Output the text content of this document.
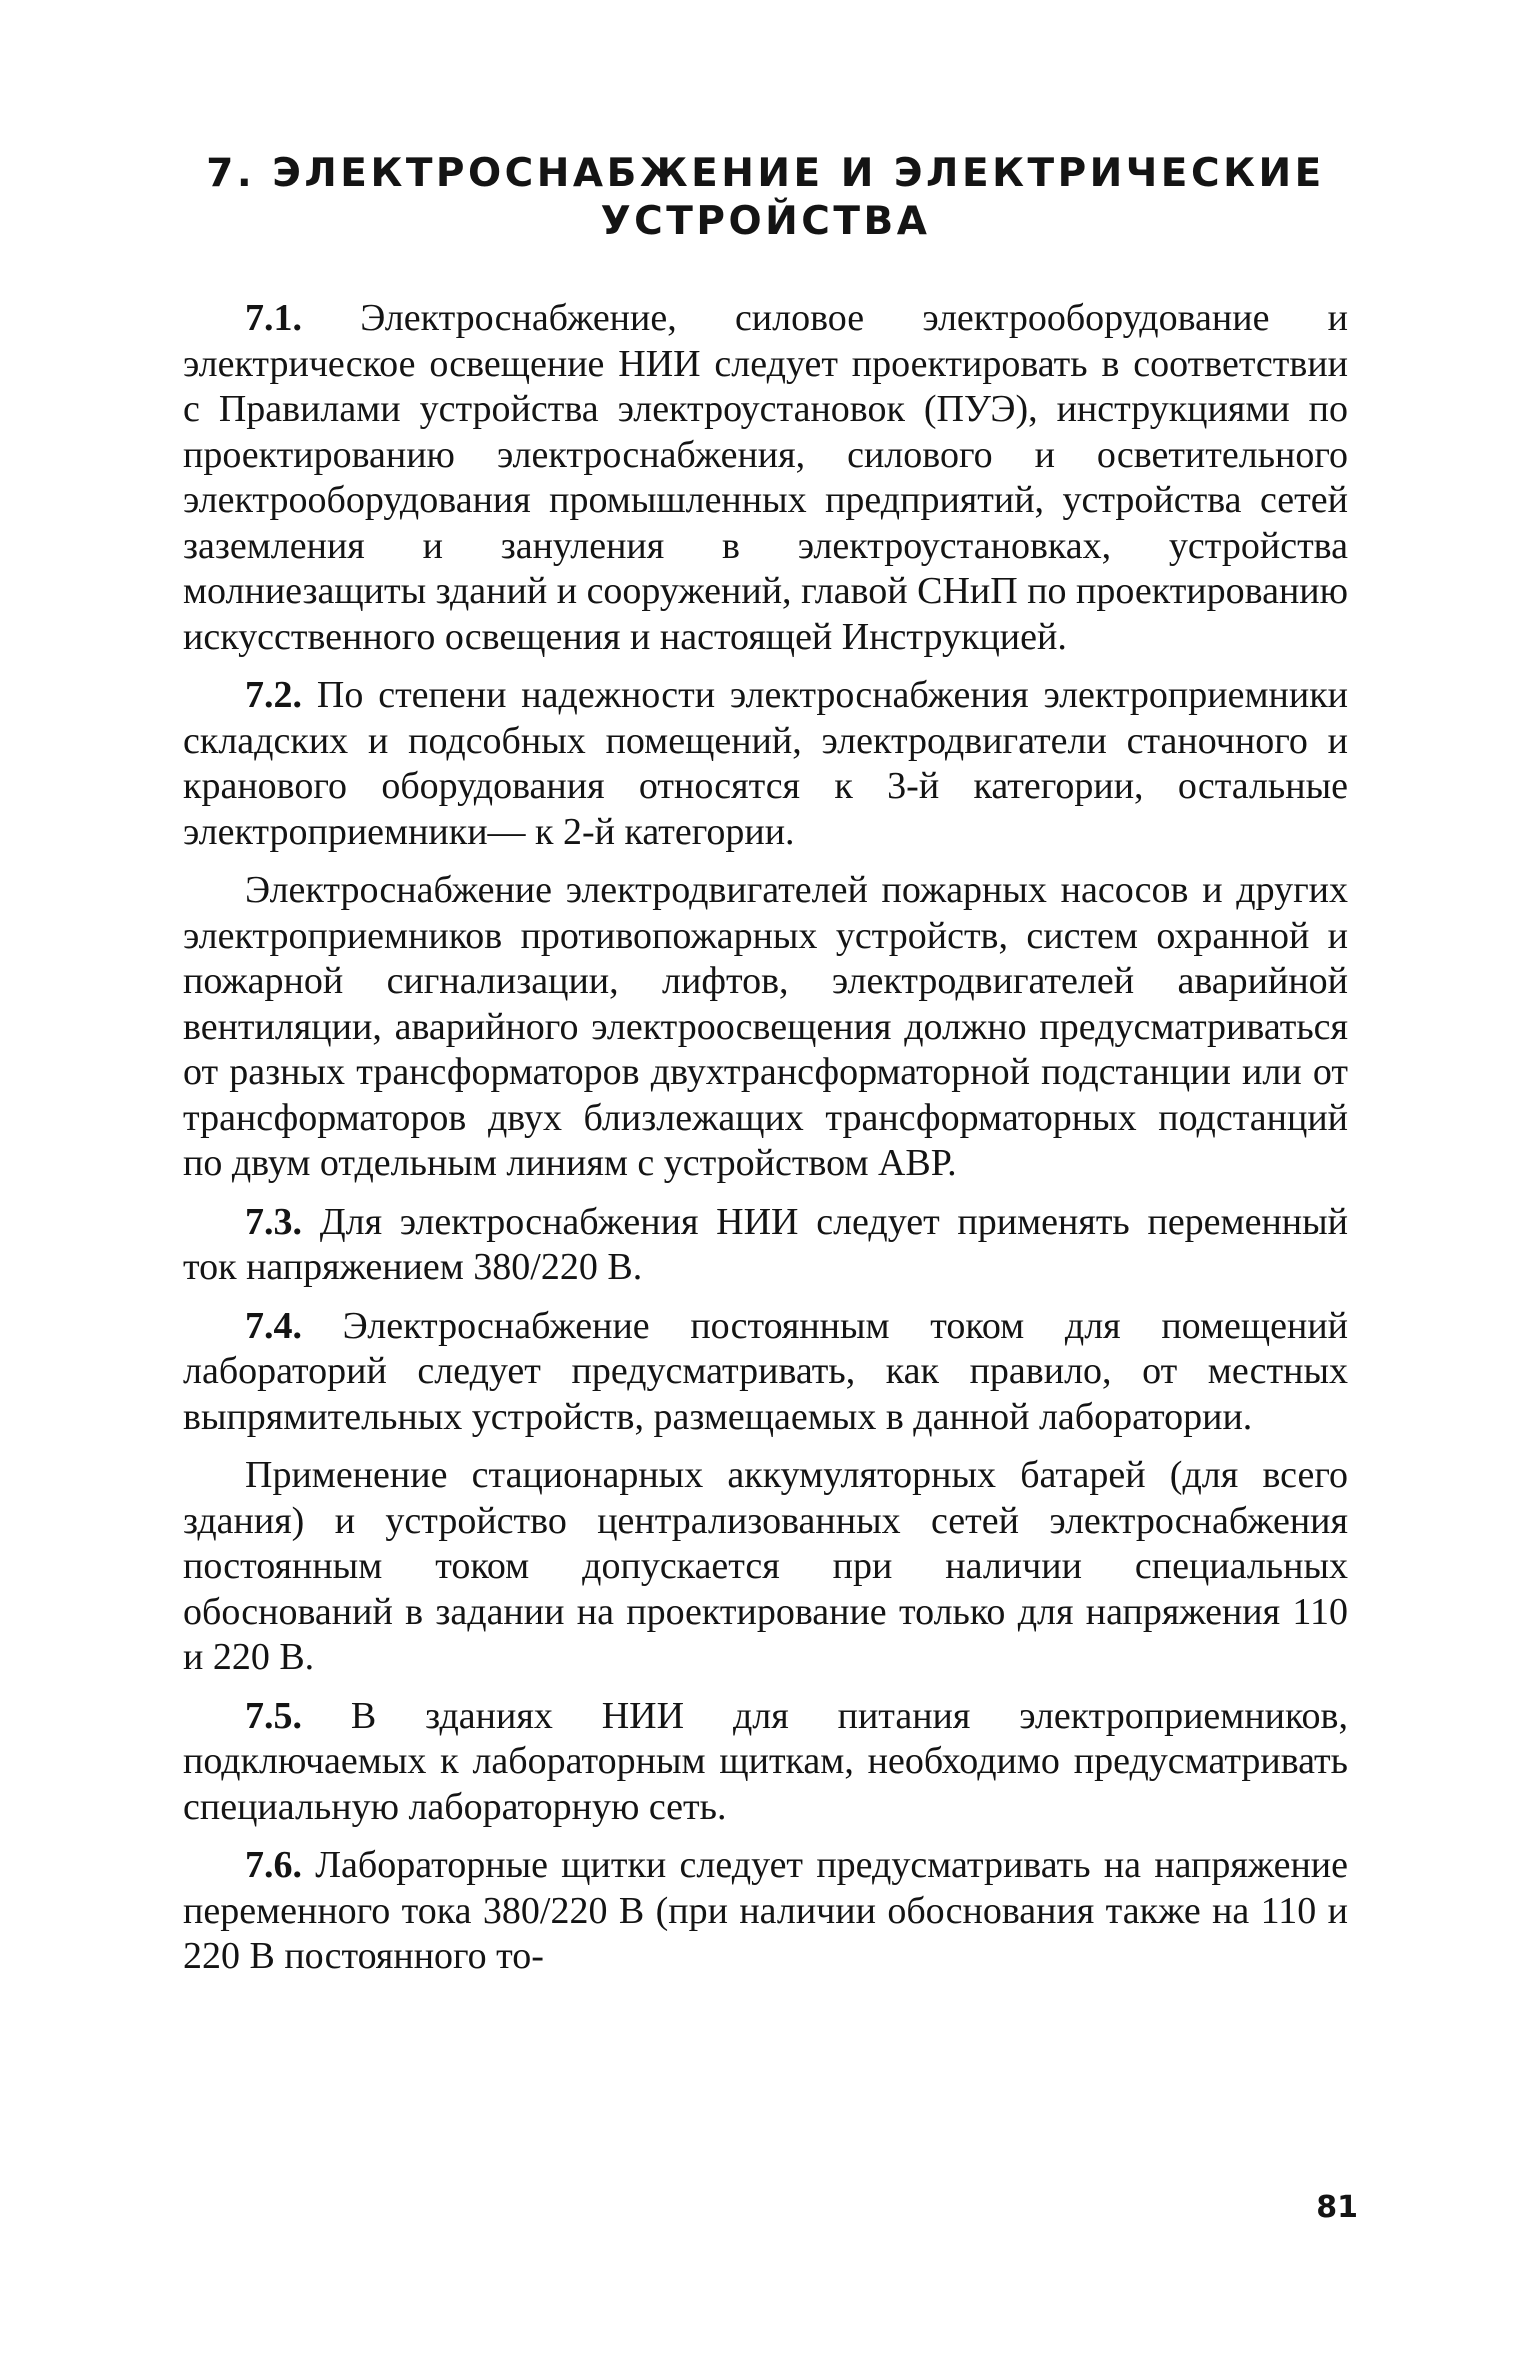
7. ЭЛЕКТРОСНАБЖЕНИЕ И ЭЛЕКТРИЧЕСКИЕ
УСТРОЙСТВА

7.1. Электроснабжение, силовое электрооборудование и электрическое освещение НИИ следует проектировать в соответствии с Правилами устройства электроустановок (ПУЭ), инструкциями по проектированию электроснабжения, силового и осветительного электрооборудования промышленных предприятий, устройства сетей заземления и зануления в электроустановках, устройства молниезащиты зданий и сооружений, главой СНиП по проектированию искусственного освещения и настоящей Инструкцией.

7.2. По степени надежности электроснабжения электроприемники складских и подсобных помещений, электродвигатели станочного и кранового оборудования относятся к 3-й категории, остальные электроприемники— к 2-й категории.

Электроснабжение электродвигателей пожарных насосов и других электроприемников противопожарных устройств, систем охранной и пожарной сигнализации, лифтов, электродвигателей аварийной вентиляции, аварийного электроосвещения должно предусматриваться от разных трансформаторов двухтрансформаторной подстанции или от трансформаторов двух близлежащих трансформаторных подстанций по двум отдельным линиям с устройством АВР.

7.3. Для электроснабжения НИИ следует применять переменный ток напряжением 380/220 В.

7.4. Электроснабжение постоянным током для помещений лабораторий следует предусматривать, как правило, от местных выпрямительных устройств, размещаемых в данной лаборатории.

Применение стационарных аккумуляторных батарей (для всего здания) и устройство централизованных сетей электроснабжения постоянным током допускается при наличии специальных обоснований в задании на проектирование только для напряжения 110 и 220 В.

7.5. В зданиях НИИ для питания электроприемников, подключаемых к лабораторным щиткам, необходимо предусматривать специальную лабораторную сеть.

7.6. Лабораторные щитки следует предусматривать на напряжение переменного тока 380/220 В (при наличии обоснования также на 110 и 220 В постоянного то-

81
